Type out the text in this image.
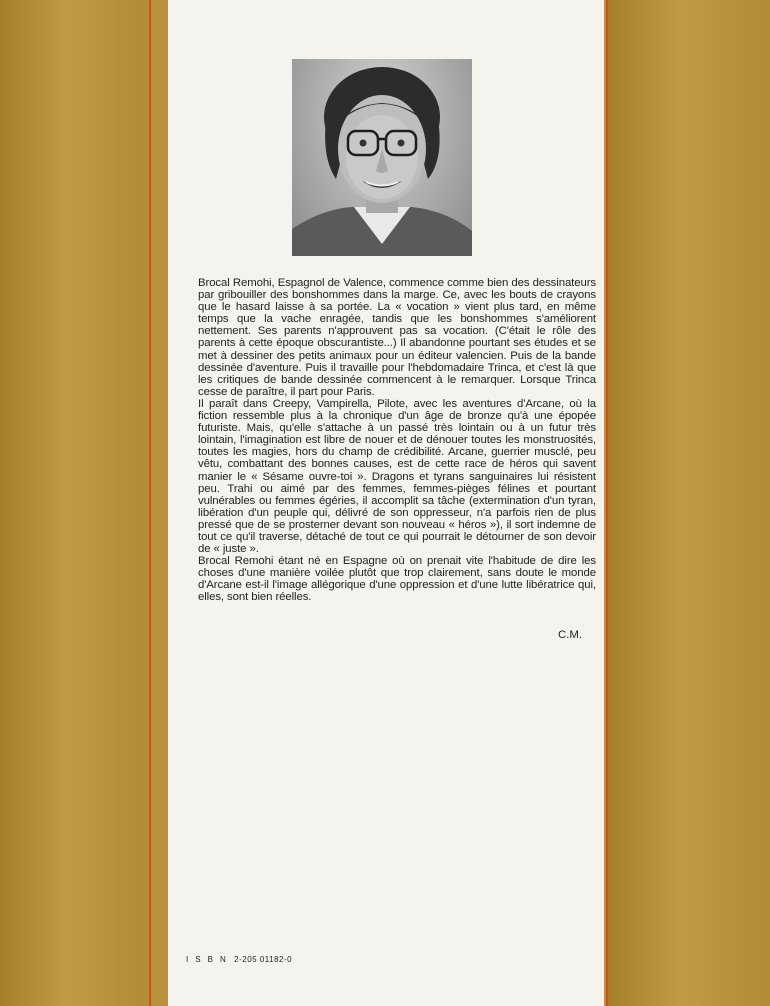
Brocal Remohi, Espagnol de Valence, commence comme bien des dessinateurs par gribouiller des bonshommes dans la marge. Ce, avec les bouts de crayons que le hasard laisse à sa portée. La « vocation » vient plus tard, en même temps que la vache enragée, tandis que les bonshommes s'améliorent nettement. Ses parents n'approuvent pas sa vocation. (C'était le rôle des parents à cette époque obscurantiste...) Il abandonne pourtant ses études et se met à dessiner des petits animaux pour un éditeur valencien. Puis de la bande dessinée d'aventure. Puis il travaille pour l'hebdomadaire Trinca, et c'est là que les critiques de bande dessinée commencent à le remarquer. Lorsque Trinca cesse de paraître, il part pour Paris.

Il paraît dans Creepy, Vampirella, Pilote, avec les aventures d'Arcane, où la fiction ressemble plus à la chronique d'un âge de bronze qu'à une épopée futuriste. Mais, qu'elle s'attache à un passé très lointain ou à un futur très lointain, l'imagination est libre de nouer et de dénouer toutes les monstruosités, toutes les magies, hors du champ de crédibilité. Arcane, guerrier musclé, peu vêtu, combattant des bonnes causes, est de cette race de héros qui savent manier le « Sésame ouvre-toi ». Dragons et tyrans sanguinaires lui résistent peu. Trahi ou aimé par des femmes, femmes-pièges félines et pourtant vulnérables ou femmes égéries, il accomplit sa tâche (extermination d'un tyran, libération d'un peuple qui, délivré de son oppresseur, n'a parfois rien de plus pressé que de se prosterner devant son nouveau « héros »), il sort indemne de tout ce qu'il traverse, détaché de tout ce qui pourrait le détourner de son devoir de « juste ».

Brocal Remohi étant né en Espagne où on prenait vite l'habitude de dire les choses d'une manière voilée plutôt que trop clairement, sans doute le monde d'Arcane est-il l'image allégorique d'une oppression et d'une lutte libératrice qui, elles, sont bien réelles.

C.M.
I S B N 2-205 01182-0
